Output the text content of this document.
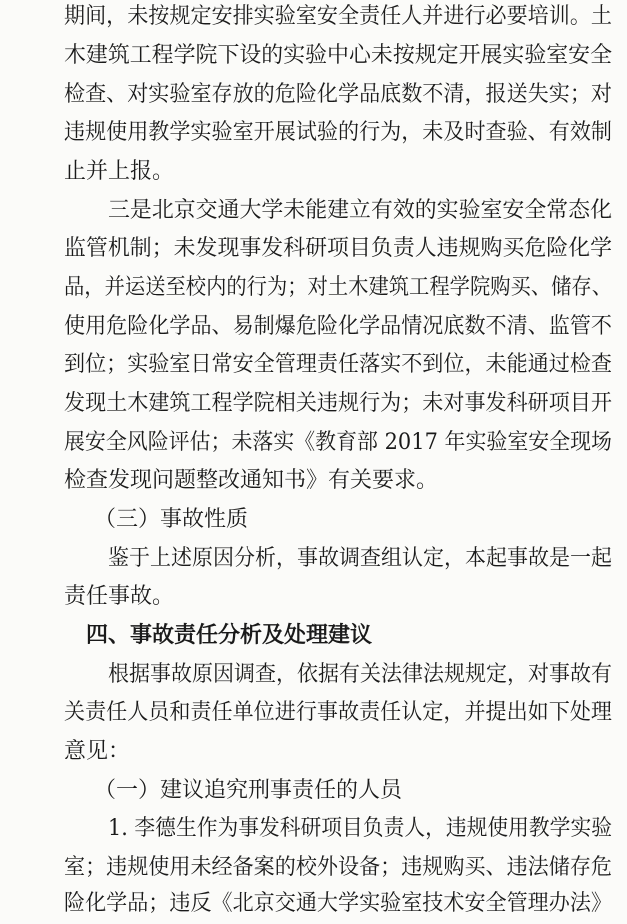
期间，未按规定安排实验室安全责任人并进行必要培训。土
木建筑工程学院下设的实验中心未按规定开展实验室安全
检查、对实验室存放的危险化学品底数不清，报送失实；对
违规使用教学实验室开展试验的行为，未及时查验、有效制
止并上报。
三是北京交通大学未能建立有效的实验室安全常态化
监管机制；未发现事发科研项目负责人违规购买危险化学
品，并运送至校内的行为；对土木建筑工程学院购买、储存、
使用危险化学品、易制爆危险化学品情况底数不清、监管不
到位；实验室日常安全管理责任落实不到位，未能通过检查
发现土木建筑工程学院相关违规行为；未对事发科研项目开
展安全风险评估；未落实《教育部 2017 年实验室安全现场
检查发现问题整改通知书》有关要求。
（三）事故性质
鉴于上述原因分析，事故调查组认定，本起事故是一起
责任事故。
四、事故责任分析及处理建议
根据事故原因调查，依据有关法律法规规定，对事故有
关责任人员和责任单位进行事故责任认定，并提出如下处理
意见：
（一）建议追究刑事责任的人员
1. 李德生作为事发科研项目负责人，违规使用教学实验
室；违规使用未经备案的校外设备；违规购买、违法储存危
险化学品；违反《北京交通大学实验室技术安全管理办法》
